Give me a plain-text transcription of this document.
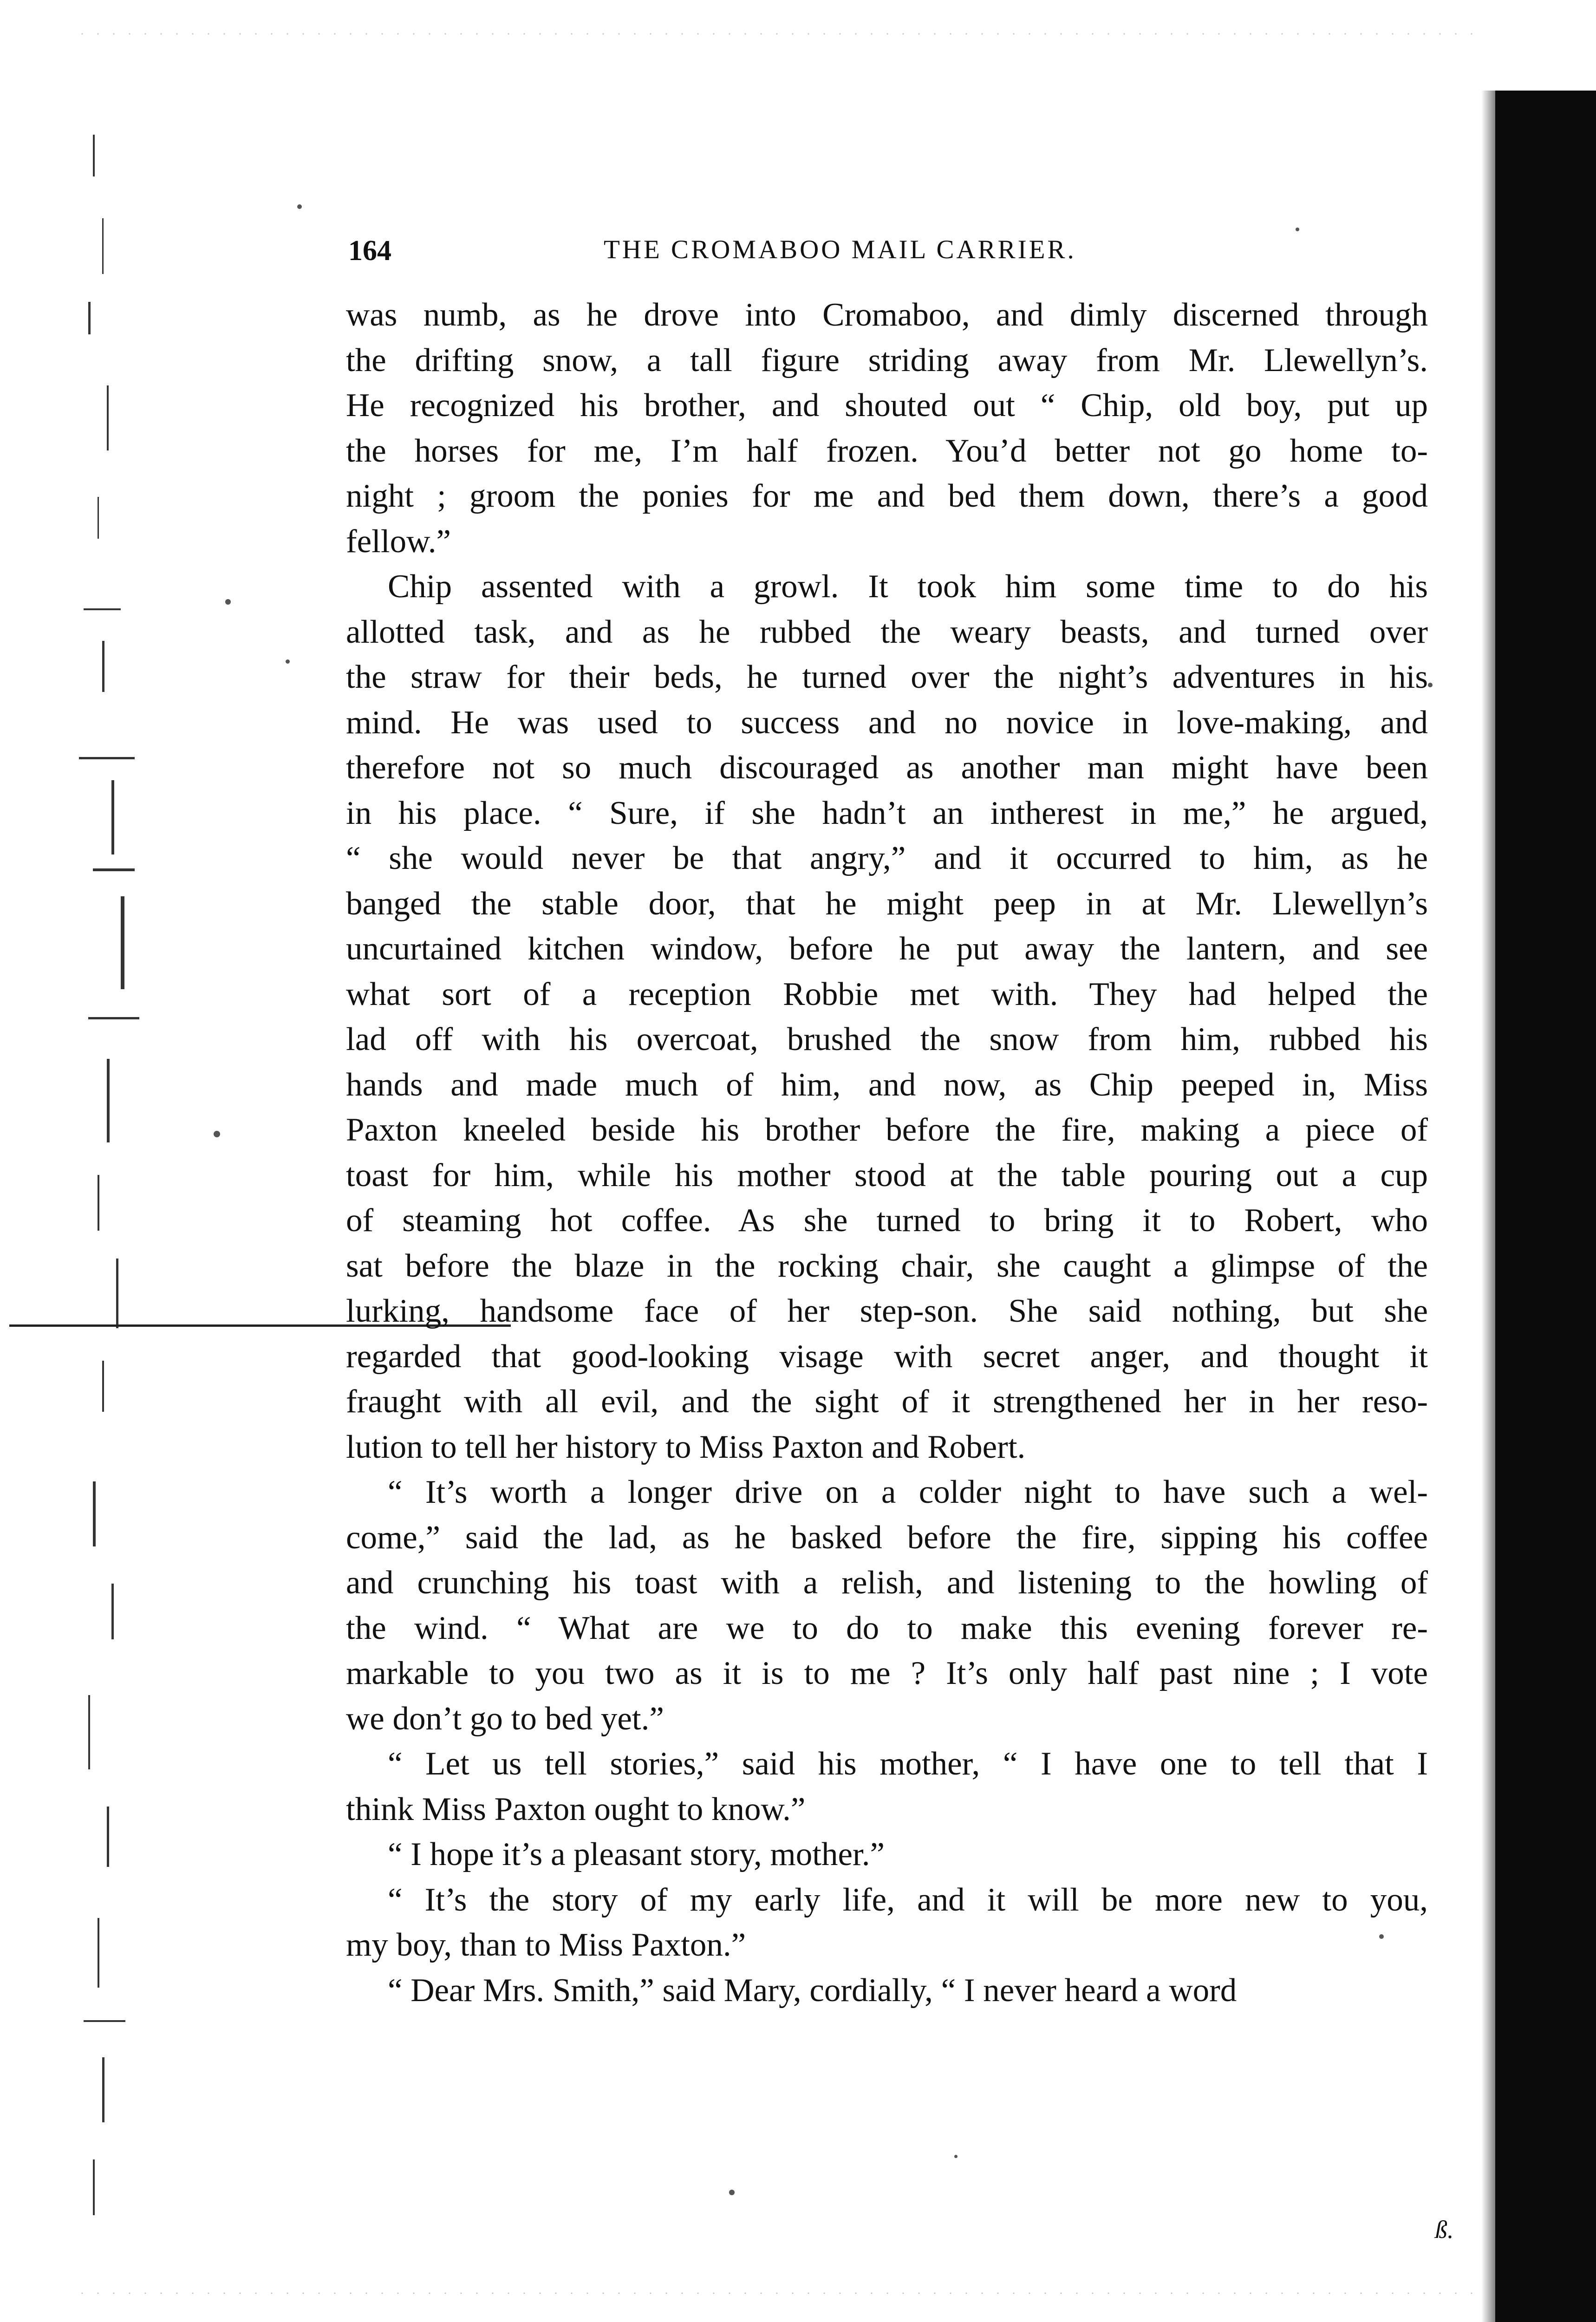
164	THE CROMABOO MAIL CARRIER.

was numb, as he drove into Cromaboo, and dimly discerned through

the drifting snow, a tall figure striding away from Mr. Llewellyn’s.

He recognized his brother, and shouted out “ Chip, old boy, put up

the horses for me, I’m half frozen. You’d better not go home to-

night ; groom the ponies for me and bed them down, there’s a good

fellow.”

Chip assented with a growl. It took him some time to do his

allotted task, and as he rubbed the weary beasts, and turned over

the straw for their beds, he turned over the night’s adventures in his

mind. He was used to success and no novice in love-making, and

therefore not so much discouraged as another man might have been

in his place. “ Sure, if she hadn’t an intherest in me,” he argued,

“ she would never be that angry,” and it occurred to him, as he

banged the stable door, that he might peep in at Mr. Llewellyn’s

uncurtained kitchen window, before he put away the lantern, and see

what sort of a reception Robbie met with. They had helped the

lad off with his overcoat, brushed the snow from him, rubbed his

hands and made much of him, and now, as Chip peeped in, Miss

Paxton kneeled beside his brother before the fire, making a piece of

toast for him, while his mother stood at the table pouring out a cup

of steaming hot coffee. As she turned to bring it to Robert, who

sat before the blaze in the rocking chair, she caught a glimpse of the

lurking, handsome face of her step-son. She said nothing, but she

regarded that good-looking visage with secret anger, and thought it

fraught with all evil, and the sight of it strengthened her in her reso-

lution to tell her history to Miss Paxton and Robert.

“ It’s worth a longer drive on a colder night to have such a wel-

come,” said the lad, as he basked before the fire, sipping his coffee

and crunching his toast with a relish, and listening to the howling of

the wind. “ What are we to do to make this evening forever re-

markable to you two as it is to me ? It’s only half past nine ; I vote

we don’t go to bed yet.”

“ Let us tell stories,” said his mother, “ I have one to tell that I

think Miss Paxton ought to know.”

“ I hope it’s a pleasant story, mother.”

“ It’s the story of my early life, and it will be more new to you,

my boy, than to Miss Paxton.”

“ Dear Mrs. Smith,” said Mary, cordially, “ I never heard a word

ß.
